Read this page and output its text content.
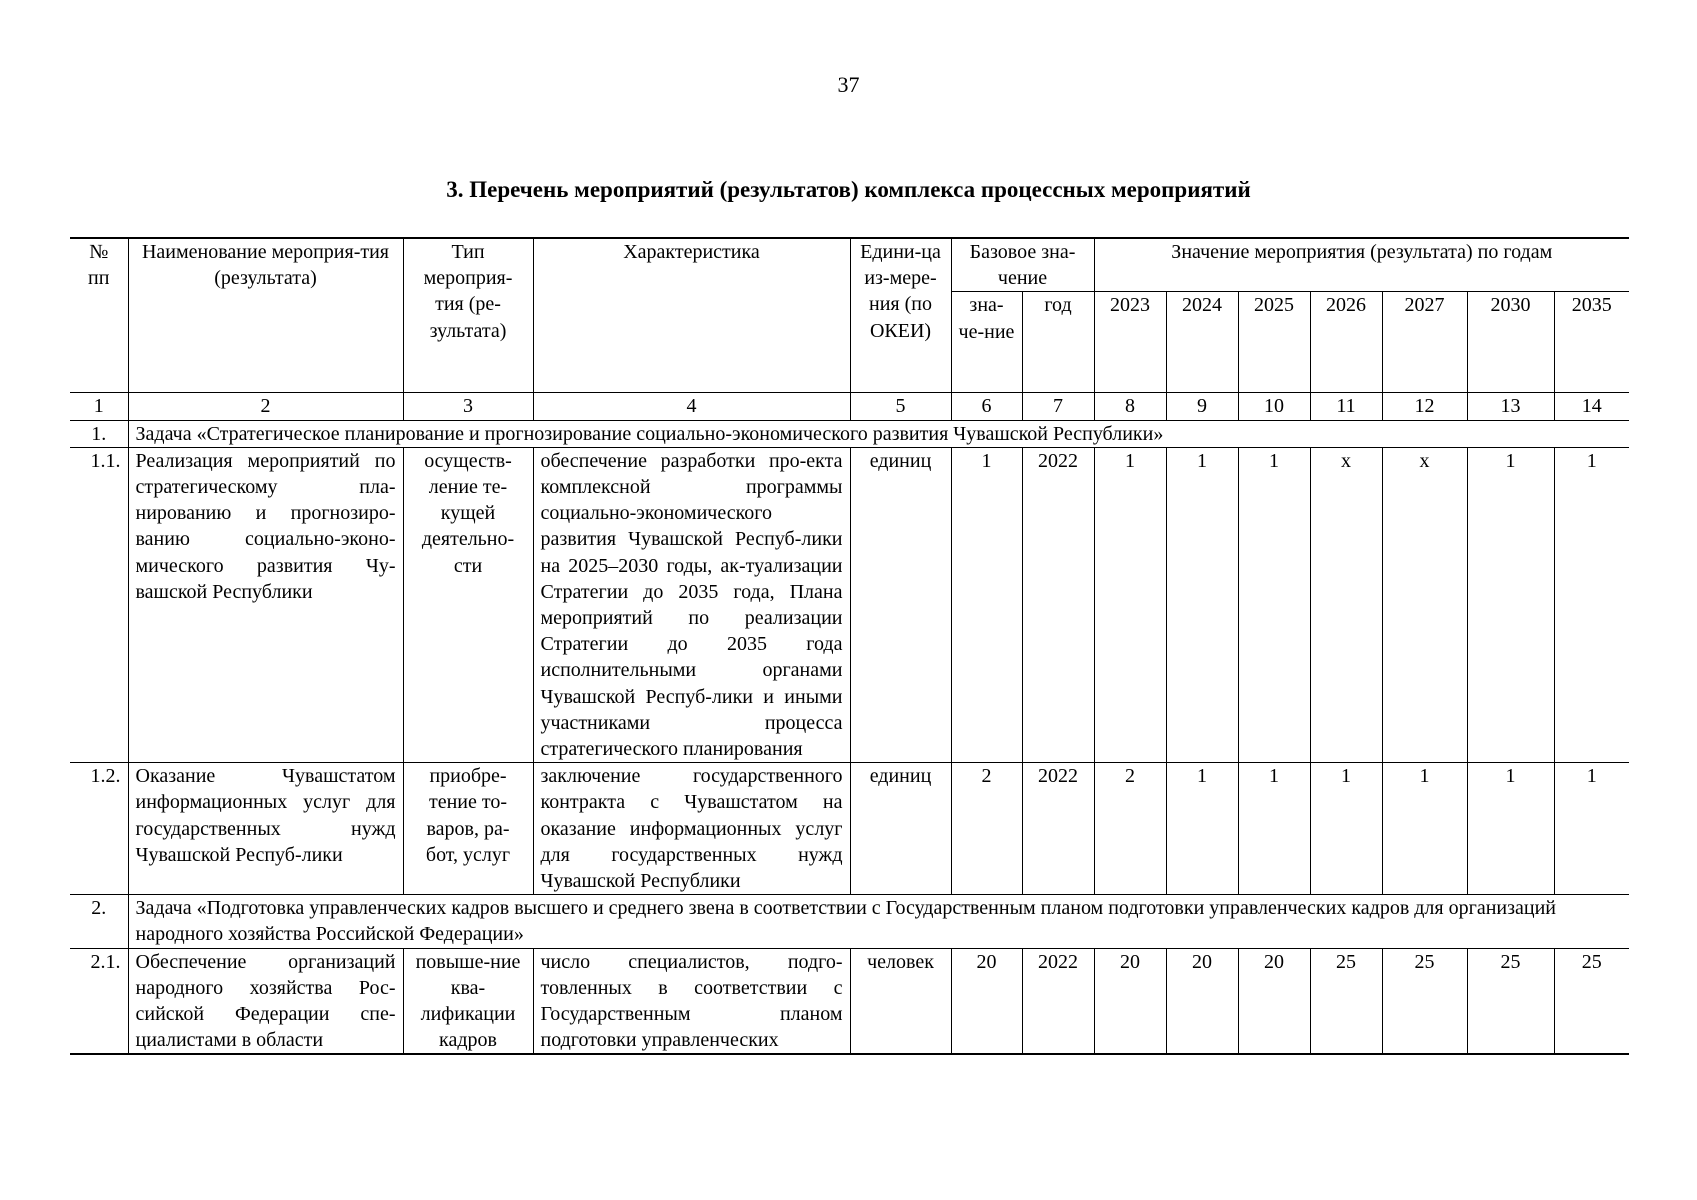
37
3. Перечень мероприятий (результатов) комплекса процессных мероприятий
№ пп	Наименование мероприя-тия (результата)	Тип мероприя-тия (ре-зультата)	Характеристика	Едини-ца из-мере-ния (по ОКЕИ)	Базовое зна-чение		Значение мероприятия (результата) по годам						
					зна-че-ние	год	2023	2024	2025	2026	2027	2030	2035
1	2	3	4	5	6	7	8	9	10	11	12	13	14
1.	Задача «Стратегическое планирование и прогнозирование социально-экономического развития Чувашской Республики»												
1.1.	Реализация мероприятий по стратегическому пла-нированию и прогнозиро-ванию социально-эконо-мического развития Чу-вашской Республики	осуществ-ление те-кущей деятельно-сти	обеспечение разработки про-екта комплексной программы социально-экономического развития Чувашской Респуб-лики на 2025–2030 годы, ак-туализации Стратегии до 2035 года, Плана мероприятий по реализации Стратегии до 2035 года исполнительными органами Чувашской Респуб-лики и иными участниками процесса стратегического планирования	единиц	1	2022	1	1	1	х	х	1	1
1.2.	Оказание Чувашстатом информационных услуг для государственных нужд Чувашской Респуб-лики	приобре-тение то-варов, ра-бот, услуг	заключение государственного контракта с Чувашстатом на оказание информационных услуг для государственных нужд Чувашской Республики	единиц	2	2022	2	1	1	1	1	1	1
2.	Задача «Подготовка управленческих кадров высшего и среднего звена в соответствии с Государственным планом подготовки управленческих кадров для организаций народного хозяйства Российской Федерации»												
2.1.	Обеспечение организаций народного хозяйства Рос-сийской Федерации спе-циалистами в области	повыше-ние ква-лификации кадров	число специалистов, подго-товленных в соответствии с Государственным планом подготовки управленческих	человек	20	2022	20	20	20	25	25	25	25
